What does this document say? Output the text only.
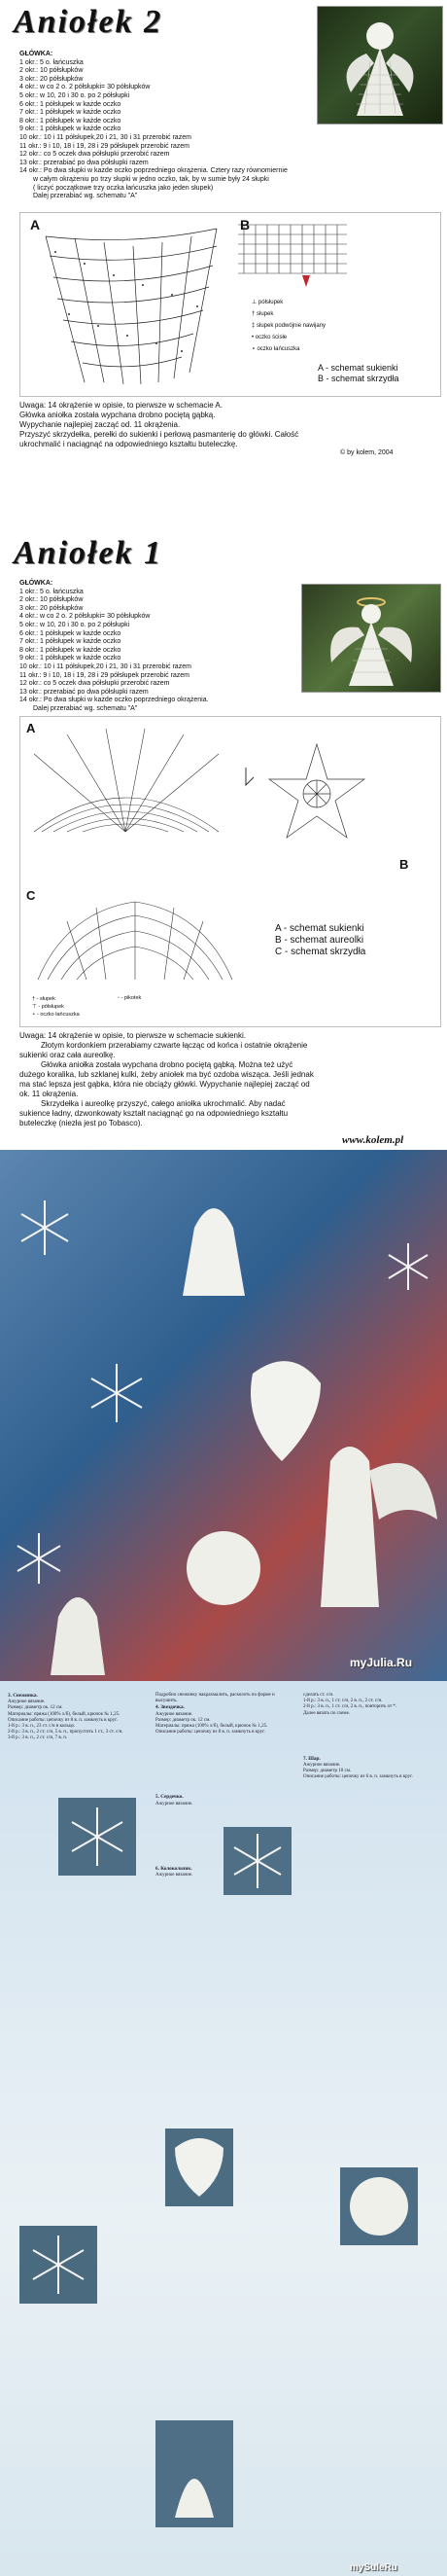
Aniołek 2
GŁÓWKA:
1 okr.: 5 o. łańcuszka
2 okr.: 10 półsłupków
3 okr.: 20 półsłupków
4 okr.: w co 2 o. 2 półsłupki= 30 półsłupków
5 okr.: w 10, 20 i 30 o. po 2 półsłupki
6 okr.: 1 półsłupek w każde oczko
7 okr.: 1 półsłupek w każde oczko
8 okr.: 1 półsłupek w każde oczko
9 okr.: 1 półsłupek w każde oczko
10 okr.: 10 i 11 półsłupek,20 i 21, 30 i 31 przerobić razem
11 okr.: 9 i 10, 18 i 19, 28 i 29 półsłupek przerobić razem
12 okr.: co 5 oczek dwa półsłupki przerobić razem
13 okr.: przerabiać po dwa półsłupki razem
14 okr.: Po dwa słupki w każde oczko poprzedniego okrążenia. Cztery razy równomiernie
w całym okrążeniu po trzy słupki w jedno oczko, tak, by w sumie były 24 słupki
( liczyć początkowe trzy oczka łańcuszka jako jeden słupek)
Dalej przerabiać wg. schematu "A"
A	B
⊥ półsłupek
† słupek
‡ słupek podwójnie nawijany
• oczko ścisłe
∘ oczko łańcuszka
A - schemat sukienki
B - schemat skrzydła
Uwaga: 14 okrążenie w opisie, to pierwsze w schemacie A.
Główka aniołka została wypchana drobno pociętą gąbką.
Wypychanie najlepiej zacząć od. 11 okrążenia.
Przyszyć skrzydełka, perełki do sukienki i perłową pasmanterię do główki. Całość
ukrochmalić i naciągnąć na odpowiedniego kształtu buteleczkę.
© by kolem, 2004
Aniołek 1
GŁÓWKA:
1 okr.: 5 o. łańcuszka
2 okr.: 10 półsłupków
3 okr.: 20 półsłupków
4 okr.: w co 2 o. 2 półsłupki= 30 półsłupków
5 okr.: w 10, 20 i 30 o. po 2 półsłupki
6 okr.: 1 półsłupek w każde oczko
7 okr.: 1 półsłupek w każde oczko
8 okr.: 1 półsłupek w każde oczko
9 okr.: 1 półsłupek w każde oczko
10 okr.: 10 i 11 półsłupek,20 i 21, 30 i 31 przerobić razem
11 okr.: 9 i 10, 18 i 19, 28 i 29 półsłupek przerobić razem
12 okr.: co 5 oczek dwa półsłupki przerobić razem
13 okr.: przerabiać po dwa półsłupki razem
14 okr.: Po dwa słupki w każde oczko poprzedniego okrążenia.
Dalej przerabiać wg. schematu "A"
A
B
C
A - schemat sukienki
B - schemat aureolki
C - schemat skrzydła
† - słupek
⊤ - półsłupek
∘ - oczko łańcuszka
◦ - pikotek
Uwaga: 14 okrążenie w opisie, to pierwsze w schemacie sukienki.
Złotym kordonkiem przerabiamy czwarte łącząc od końca i ostatnie okrążenie
sukienki oraz cała aureolkę.
Główka aniołka została wypchana drobno pociętą gąbką. Można też użyć
dużego koralika, lub szklanej kulki, żeby aniołek ma być ozdoba wisząca. Jeśli jednak
ma stać lepsza jest gąbka, która nie obciąży główki. Wypychanie najlepiej zacząć od
ok. 11 okrążenia.
Skrzydełka i aureolkę przyszyć, całego aniołka ukrochmalić. Aby nadać
sukience ładny, dzwonkowaty kształt naciągnąć go na odpowiedniego kształtu
buteleczkę (niezła jest po Tobasco).
www.kolem.pl
myJulia.Ru
3. Снежинка.
Ажурное вязание.
Размер: диаметр ок. 12 см.
Материалы: пряжа (100% х/б), белый, крючок № 1,25.
Описание работы: цепочку из 8 в. п. замкнуть в круг.
1-й р.: 3 в. п., 23 ст. с/н в кольцо.
2-й р.: 3 в. п., 2 ст. с/н, 5 в. п., пропустить 1 ст., 3 ст. с/н.
3-й р.: 3 в. п., 2 ст. с/н, 7 в. п.
Подробно снежинку накрахмалить, расколоть по форме и высушить.
4. Звездочка.
Ажурное вязание.
Размер: диаметр ок. 12 см.
Материалы: пряжа (100% х/б), белый, крючок № 1,25.
Описание работы: цепочку из 8 в. п. замкнуть в круг.
5. Сердечко.
Ажурное вязание.
6. Колокольчик.
Ажурное вязание.
сделать ст. с/н.
1-й р.: 3 в. п., 1 ст. с/н, 2 в. п., 2 ст. с/н.
2-й р.: 3 в. п., 1 ст. с/н, 2 в. п., повторить от *.
Далее вязать по схеме.
7. Шар.
Ажурное вязание.
Размер: диаметр 10 см.
Описание работы: цепочку из 6 в. п. замкнуть в круг.
mySuleRu
